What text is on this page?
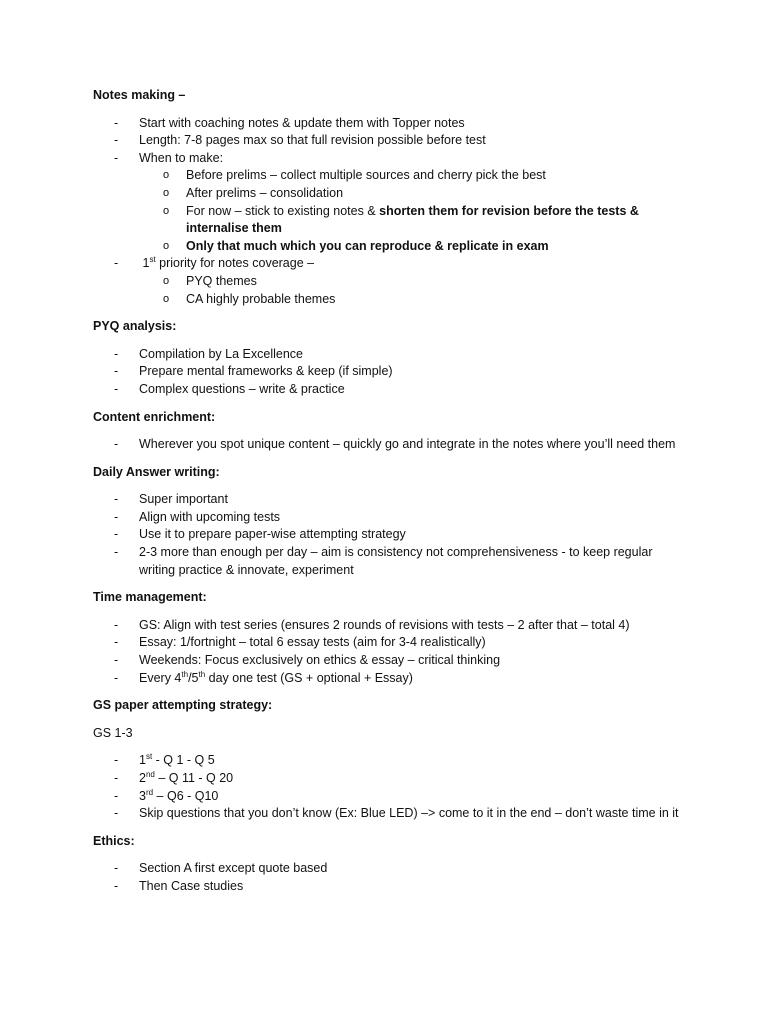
Notes making –

- Start with coaching notes & update them with Topper notes
- Length: 7-8 pages max so that full revision possible before test
- When to make:
o Before prelims – collect multiple sources and cherry pick the best
o After prelims – consolidation
o For now – stick to existing notes & shorten them for revision before the tests & internalise them
o Only that much which you can reproduce & replicate in exam
- 1st priority for notes coverage –
o PYQ themes
o CA highly probable themes

PYQ analysis:

- Compilation by La Excellence
- Prepare mental frameworks & keep (if simple)
- Complex questions – write & practice

Content enrichment:

- Wherever you spot unique content – quickly go and integrate in the notes where you’ll need them

Daily Answer writing:

- Super important
- Align with upcoming tests
- Use it to prepare paper-wise attempting strategy
- 2-3 more than enough per day – aim is consistency not comprehensiveness - to keep regular writing practice & innovate, experiment

Time management:

- GS: Align with test series (ensures 2 rounds of revisions with tests – 2 after that – total 4)
- Essay: 1/fortnight – total 6 essay tests (aim for 3-4 realistically)
- Weekends: Focus exclusively on ethics & essay – critical thinking
- Every 4th/5th day one test (GS + optional + Essay)

GS paper attempting strategy:

GS 1-3

- 1st - Q 1 - Q 5
- 2nd – Q 11 - Q 20
- 3rd – Q6 - Q10
- Skip questions that you don’t know (Ex: Blue LED) –> come to it in the end – don’t waste time in it

Ethics:

- Section A first except quote based
- Then Case studies
